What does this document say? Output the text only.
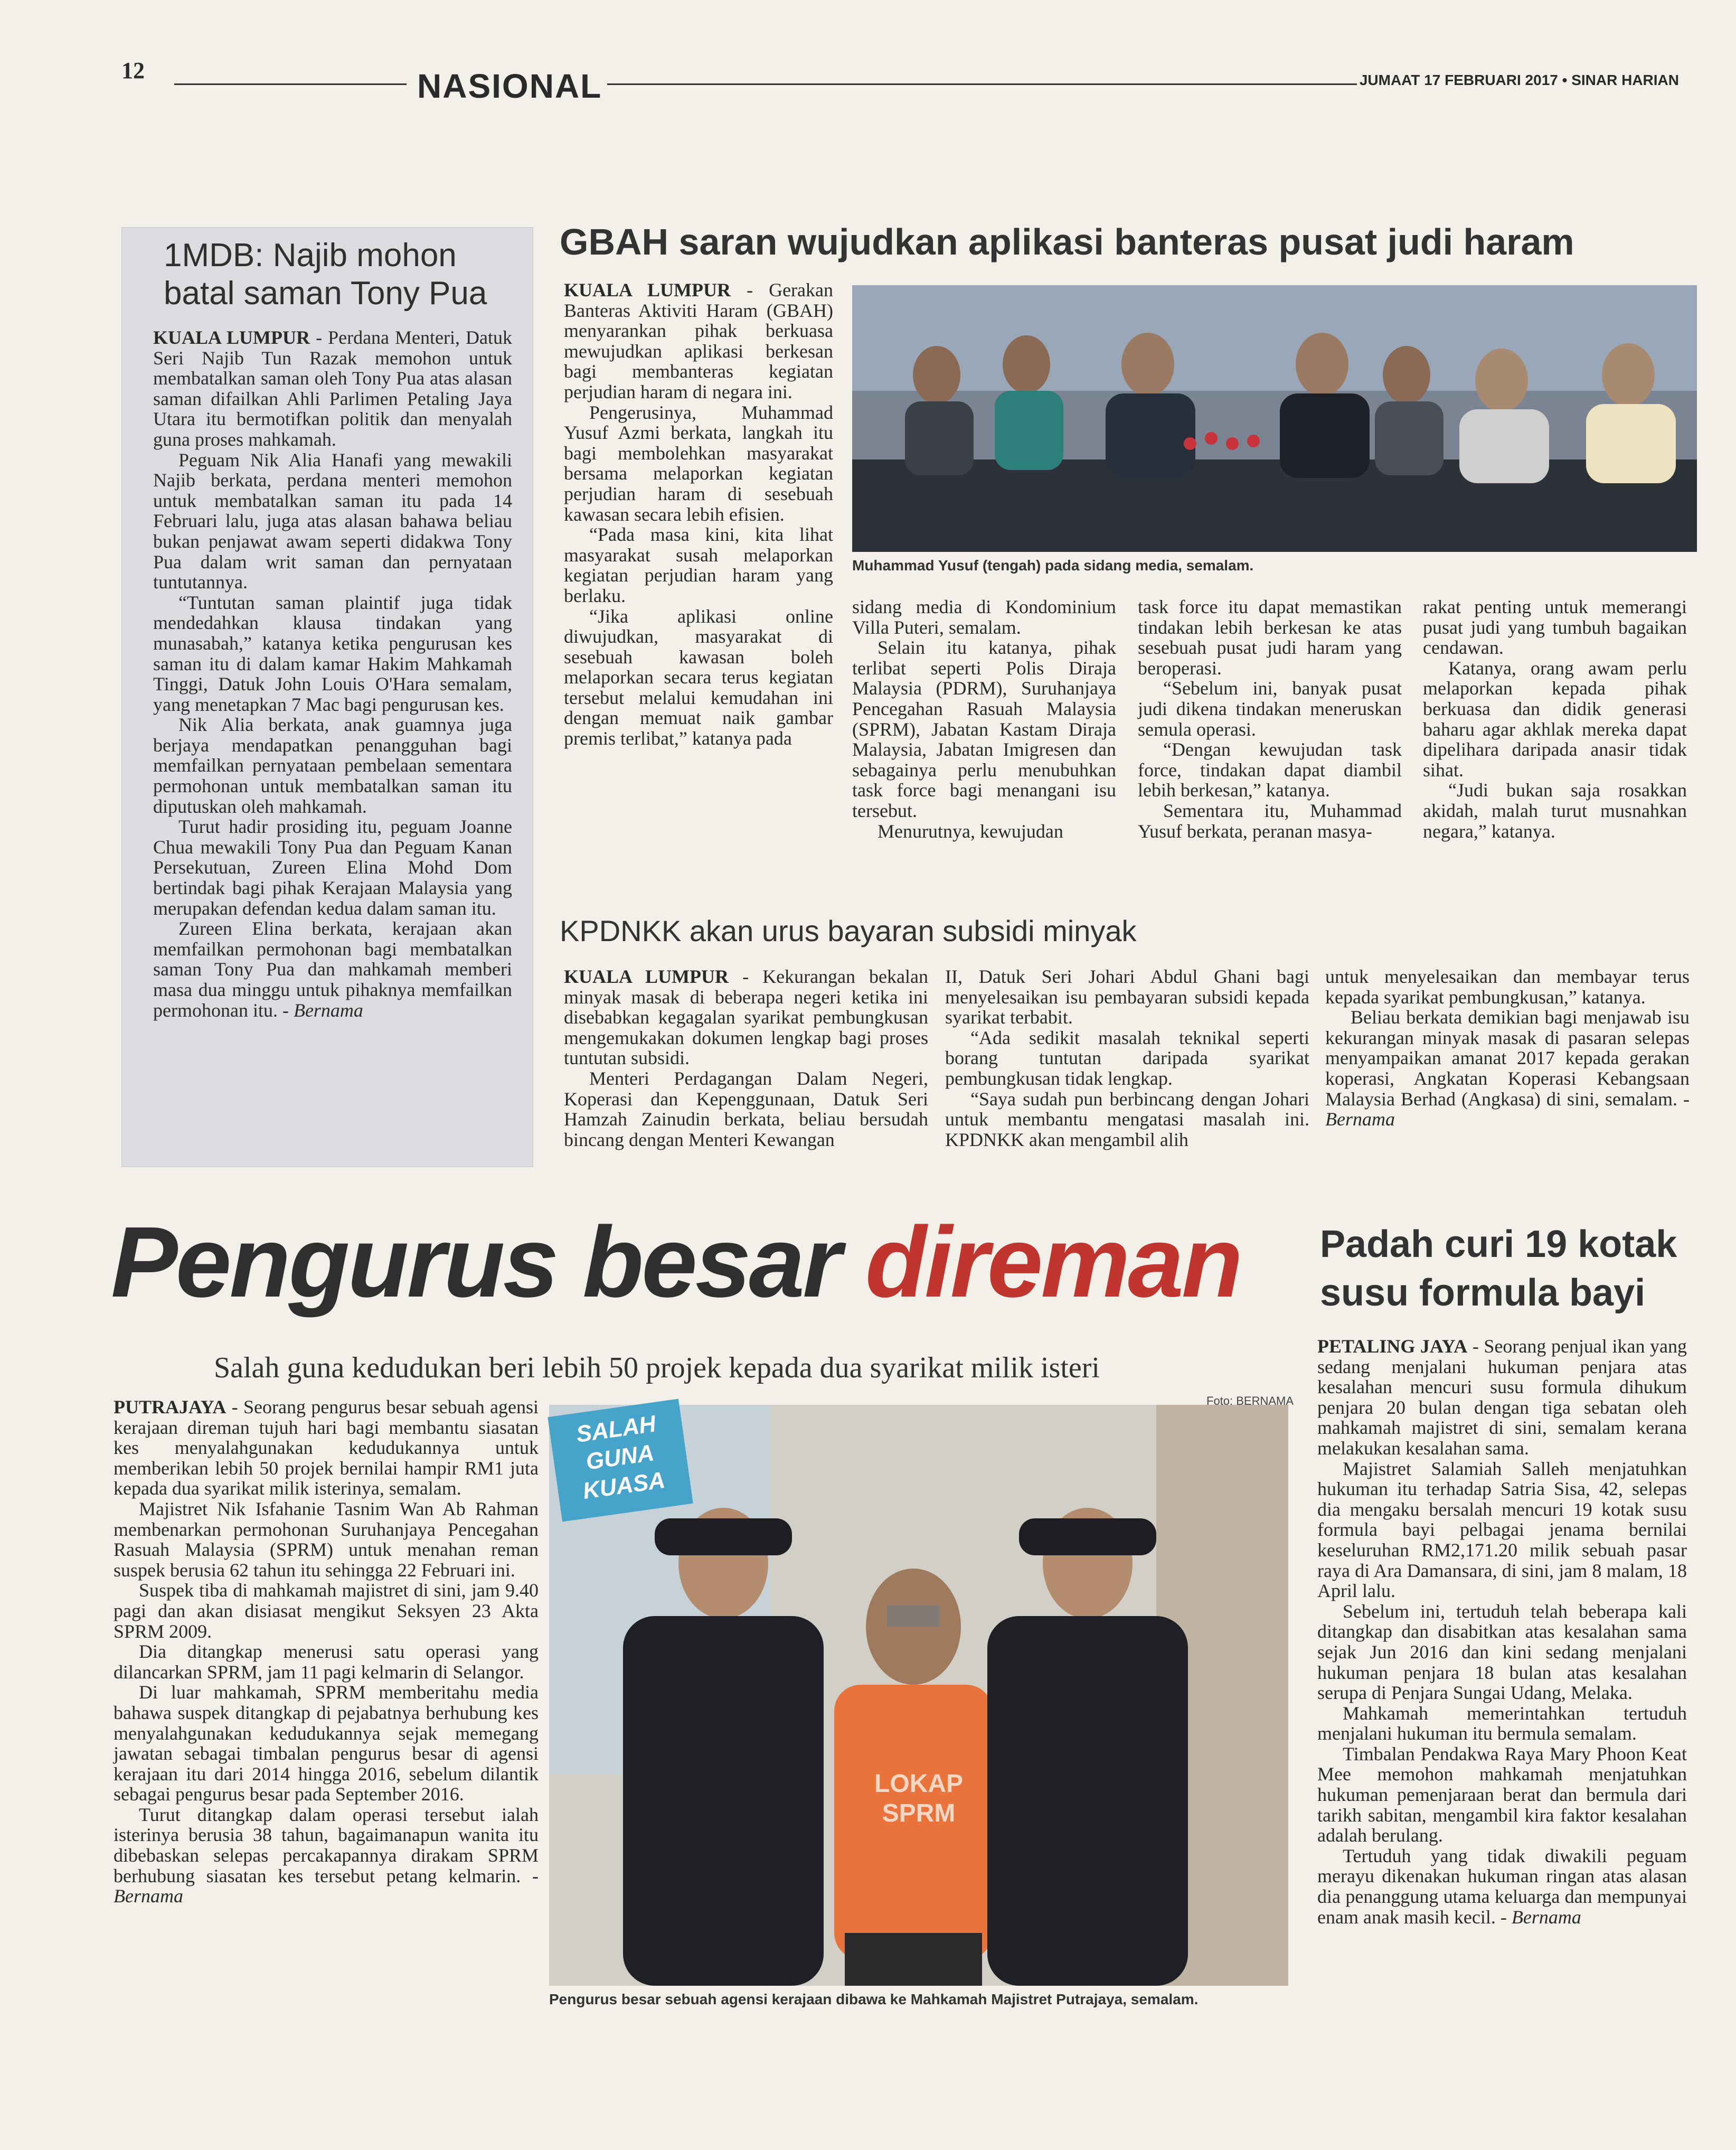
12	NASIONAL	JUMAAT 17 FEBRUARI 2017 • SINAR HARIAN
1MDB: Najib mohon batal saman Tony Pua

KUALA LUMPUR - Perdana Menteri, Datuk Seri Najib Tun Razak memohon untuk membatalkan saman oleh Tony Pua atas alasan saman difailkan Ahli Parlimen Petaling Jaya Utara itu bermotifkan politik dan menyalah guna proses mahkamah.

Peguam Nik Alia Hanafi yang mewakili Najib berkata, perdana menteri memohon untuk membatalkan saman itu pada 14 Februari lalu, juga atas alasan bahawa beliau bukan penjawat awam seperti didakwa Tony Pua dalam writ saman dan pernyataan tuntutannya.

“Tuntutan saman plaintif juga tidak mendedahkan klausa tindakan yang munasabah,” katanya ketika pengurusan kes saman itu di dalam kamar Hakim Mahkamah Tinggi, Datuk John Louis O'Hara semalam, yang menetapkan 7 Mac bagi pengurusan kes.

Nik Alia berkata, anak guamnya juga berjaya mendapatkan penangguhan bagi memfailkan pernyataan pembelaan sementara permohonan untuk membatalkan saman itu diputuskan oleh mahkamah.

Turut hadir prosiding itu, peguam Joanne Chua mewakili Tony Pua dan Peguam Kanan Persekutuan, Zureen Elina Mohd Dom bertindak bagi pihak Kerajaan Malaysia yang merupakan defendan kedua dalam saman itu.

Zureen Elina berkata, kerajaan akan memfailkan permohonan bagi membatalkan saman Tony Pua dan mahkamah memberi masa dua minggu untuk pihaknya memfailkan permohonan itu. - Bernama

GBAH saran wujudkan aplikasi banteras pusat judi haram

KUALA LUMPUR - Gerakan Banteras Aktiviti Haram (GBAH) menyarankan pihak berkuasa mewujudkan aplikasi berkesan bagi membanteras kegiatan perjudian haram di negara ini.

Pengerusinya, Muhammad Yusuf Azmi berkata, langkah itu bagi membolehkan masyarakat bersama melaporkan kegiatan perjudian haram di sesebuah kawasan secara lebih efisien.

“Pada masa kini, kita lihat masyarakat susah melaporkan kegiatan perjudian haram yang berlaku.

“Jika aplikasi online diwujudkan, masyarakat di sesebuah kawasan boleh melaporkan secara terus kegiatan tersebut melalui kemudahan ini dengan memuat naik gambar premis terlibat,” katanya pada

Muhammad Yusuf (tengah) pada sidang media, semalam.

sidang media di Kondominium Villa Puteri, semalam.

Selain itu katanya, pihak terlibat seperti Polis Diraja Malaysia (PDRM), Suruhanjaya Pencegahan Rasuah Malaysia (SPRM), Jabatan Kastam Diraja Malaysia, Jabatan Imigresen dan sebagainya perlu menubuhkan task force bagi menangani isu tersebut.

Menurutnya, kewujudan

task force itu dapat memastikan tindakan lebih berkesan ke atas sesebuah pusat judi haram yang beroperasi.

“Sebelum ini, banyak pusat judi dikena tindakan meneruskan semula operasi.

“Dengan kewujudan task force, tindakan dapat diambil lebih berkesan,” katanya.

Sementara itu, Muhammad Yusuf berkata, peranan masya-

rakat penting untuk memerangi pusat judi yang tumbuh bagaikan cendawan.

Katanya, orang awam perlu melaporkan kepada pihak berkuasa dan didik generasi baharu agar akhlak mereka dapat dipelihara daripada anasir tidak sihat.

“Judi bukan saja rosakkan akidah, malah turut musnahkan negara,” katanya.

KPDNKK akan urus bayaran subsidi minyak

KUALA LUMPUR - Kekurangan bekalan minyak masak di beberapa negeri ketika ini disebabkan kegagalan syarikat pembungkusan mengemukakan dokumen lengkap bagi proses tuntutan subsidi.

Menteri Perdagangan Dalam Negeri, Koperasi dan Kepenggunaan, Datuk Seri Hamzah Zainudin berkata, beliau bersudah bincang dengan Menteri Kewangan

II, Datuk Seri Johari Abdul Ghani bagi menyelesaikan isu pembayaran subsidi kepada syarikat terbabit.

“Ada sedikit masalah teknikal seperti borang tuntutan daripada syarikat pembungkusan tidak lengkap.

“Saya sudah pun berbincang dengan Johari untuk membantu mengatasi masalah ini. KPDNKK akan mengambil alih

untuk menyelesaikan dan membayar terus kepada syarikat pembungkusan,” katanya.

Beliau berkata demikian bagi menjawab isu kekurangan minyak masak di pasaran selepas menyampaikan amanat 2017 kepada gerakan koperasi, Angkatan Koperasi Kebangsaan Malaysia Berhad (Angkasa) di sini, semalam. - Bernama

Pengurus besar direman
Salah guna kedudukan beri lebih 50 projek kepada dua syarikat milik isteri

PUTRAJAYA - Seorang pengurus besar sebuah agensi kerajaan direman tujuh hari bagi membantu siasatan kes menyalahgunakan kedudukannya untuk memberikan lebih 50 projek bernilai hampir RM1 juta kepada dua syarikat milik isterinya, semalam.

Majistret Nik Isfahanie Tasnim Wan Ab Rahman membenarkan permohonan Suruhanjaya Pencegahan Rasuah Malaysia (SPRM) untuk menahan reman suspek berusia 62 tahun itu sehingga 22 Februari ini.

Suspek tiba di mahkamah majistret di sini, jam 9.40 pagi dan akan disiasat mengikut Seksyen 23 Akta SPRM 2009.

Dia ditangkap menerusi satu operasi yang dilancarkan SPRM, jam 11 pagi kelmarin di Selangor.

Di luar mahkamah, SPRM memberitahu media bahawa suspek ditangkap di pejabatnya berhubung kes menyalahgunakan kedudukannya sejak memegang jawatan sebagai timbalan pengurus besar di agensi kerajaan itu dari 2014 hingga 2016, sebelum dilantik sebagai pengurus besar pada September 2016.

Turut ditangkap dalam operasi tersebut ialah isterinya berusia 38 tahun, bagaimanapun wanita itu dibebaskan selepas percakapannya dirakam SPRM berhubung siasatan kes tersebut petang kelmarin. - Bernama

LOKAP
SPRM
SALAH
GUNA
KUASA
Foto: BERNAMA
Pengurus besar sebuah agensi kerajaan dibawa ke Mahkamah Majistret Putrajaya, semalam.
Padah curi 19 kotak susu formula bayi

PETALING JAYA - Seorang penjual ikan yang sedang menjalani hukuman penjara atas kesalahan mencuri susu formula dihukum penjara 20 bulan dengan tiga sebatan oleh mahkamah majistret di sini, semalam kerana melakukan kesalahan sama.

Majistret Salamiah Salleh menjatuhkan hukuman itu terhadap Satria Sisa, 42, selepas dia mengaku bersalah mencuri 19 kotak susu formula bayi pelbagai jenama bernilai keseluruhan RM2,171.20 milik sebuah pasar raya di Ara Damansara, di sini, jam 8 malam, 18 April lalu.

Sebelum ini, tertuduh telah beberapa kali ditangkap dan disabitkan atas kesalahan sama sejak Jun 2016 dan kini sedang menjalani hukuman penjara 18 bulan atas kesalahan serupa di Penjara Sungai Udang, Melaka.

Mahkamah memerintahkan tertuduh menjalani hukuman itu bermula semalam.

Timbalan Pendakwa Raya Mary Phoon Keat Mee memohon mahkamah menjatuhkan hukuman pemenjaraan berat dan bermula dari tarikh sabitan, mengambil kira faktor kesalahan adalah berulang.

Tertuduh yang tidak diwakili peguam merayu dikenakan hukuman ringan atas alasan dia penanggung utama keluarga dan mempunyai enam anak masih kecil. - Bernama
